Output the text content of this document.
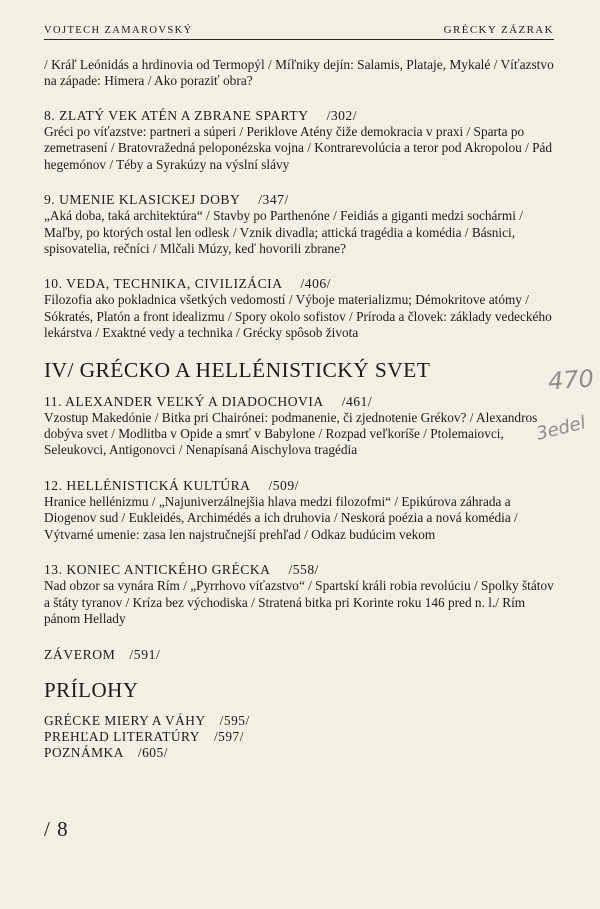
VOJTECH ZAMAROVSKÝ	GRÉCKY ZÁZRAK
/ Kráľ Leónidás a hrdinovia od Termopýl / Míľniky dejín: Salamis, Plataje, Mykalé / Víťazstvo na západe: Himera / Ako poraziť obra?
8. ZLATÝ VEK ATÉN A ZBRANE SPARTY /302/
Gréci po víťazstve: partneri a súperi / Periklove Atény čiže demokracia v praxi / Sparta po zemetrasení / Bratovražedná peloponézska vojna / Kontrarevolúcia a teror pod Akropolou / Pád hegemónov / Téby a Syrakúzy na výslní slávy
9. UMENIE KLASICKEJ DOBY /347/
„Aká doba, taká architektúra“ / Stavby po Parthenóne / Feidiás a giganti medzi sochármi / Maľby, po ktorých ostal len odlesk / Vznik divadla; attická tragédia a komédia / Básnici, spisovatelia, rečníci / Mlčali Múzy, keď hovorili zbrane?
10. VEDA, TECHNIKA, CIVILIZÁCIA /406/
Filozofia ako pokladnica všetkých vedomostí / Výboje materializmu; Démokritove atómy / Sókratés, Platón a front idealizmu / Spory okolo sofistov / Príroda a človek: základy vedeckého lekárstva / Exaktné vedy a technika / Grécky spôsob života
IV/ GRÉCKO A HELLÉNISTICKÝ SVET
11. ALEXANDER VEĽKÝ A DIADOCHOVIA /461/
Vzostup Makedónie / Bitka pri Chairónei: podmanenie, či zjednotenie Grékov? / Alexandros dobýva svet / Modlitba v Opide a smrť v Babylone / Rozpad veľkoríše / Ptolemaiovci, Seleukovci, Antigonovci / Nenapísaná Aischylova tragédia
12. HELLÉNISTICKÁ KULTÚRA /509/
Hranice hellénizmu / „Najuniverzálnejšia hlava medzi filozofmi“ / Epikúrova záhrada a Diogenov sud / Eukleidés, Archimédés a ich druhovia / Neskorá poézia a nová komédia / Výtvarné umenie: zasa len najstručnejší prehľad / Odkaz budúcim vekom
13. KONIEC ANTICKÉHO GRÉCKA /558/
Nad obzor sa vynára Rím / „Pyrrhovo víťazstvo“ / Spartskí králi robia revolúciu / Spolky štátov a štáty tyranov / Kríza bez východiska / Stratená bitka pri Korinte roku 146 pred n. l./ Rím pánom Hellady
ZÁVEROM /591/
PRÍLOHY
GRÉCKE MIERY A VÁHY /595/
PREHĽAD LITERATÚRY /597/
POZNÁMKA /605/
470
3edel
/ 8
